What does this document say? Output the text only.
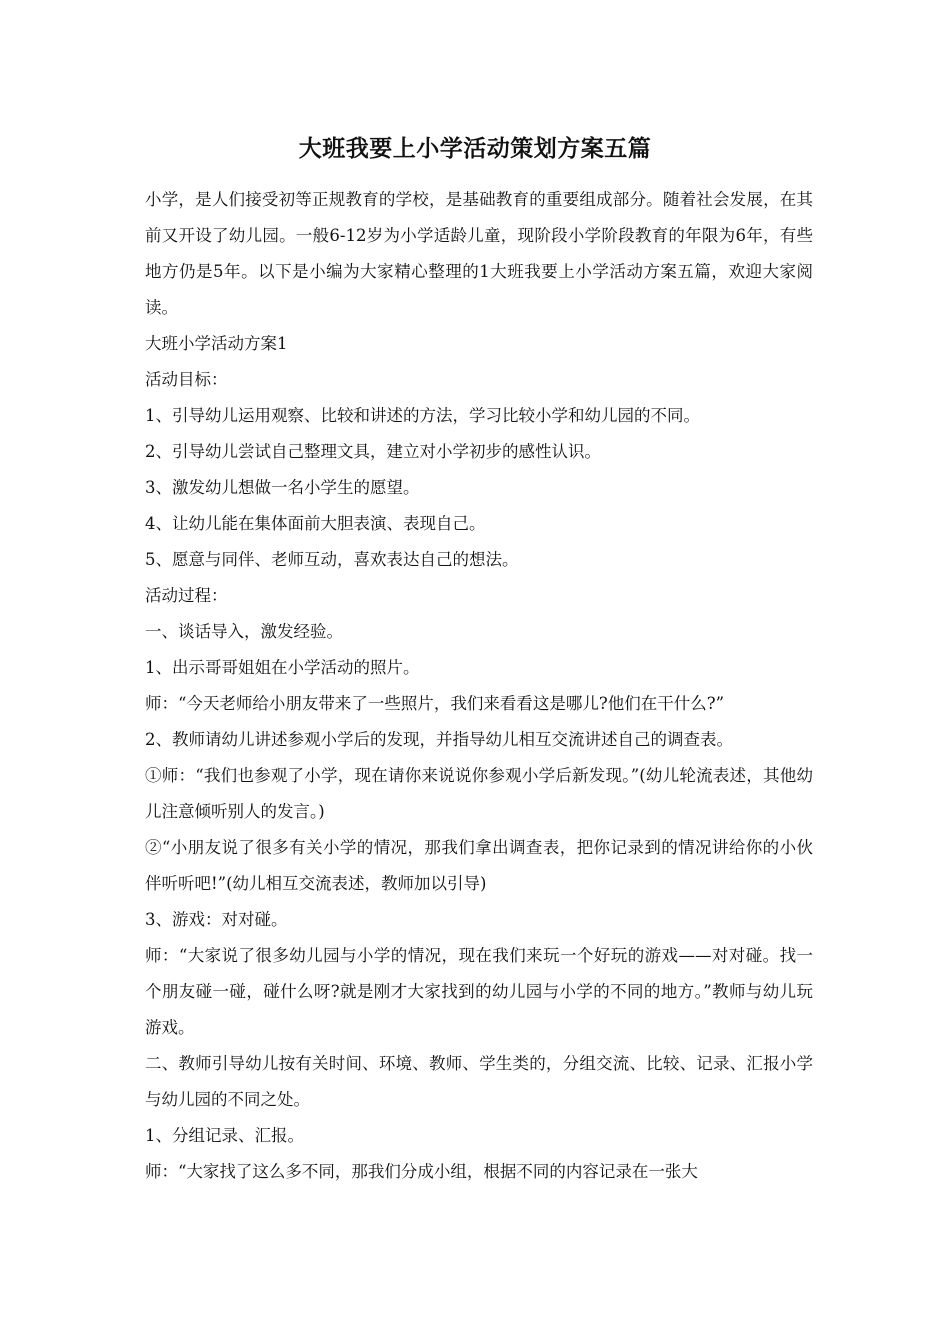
大班我要上小学活动策划方案五篇

小学，是人们接受初等正规教育的学校，是基础教育的重要组成部分。随着社会发展，在其前又开设了幼儿园。一般6-12岁为小学适龄儿童，现阶段小学阶段教育的年限为6年，有些地方仍是5年。以下是小编为大家精心整理的1大班我要上小学活动方案五篇，欢迎大家阅读。

大班小学活动方案1

活动目标：

1、引导幼儿运用观察、比较和讲述的方法，学习比较小学和幼儿园的不同。

2、引导幼儿尝试自己整理文具，建立对小学初步的感性认识。

3、激发幼儿想做一名小学生的愿望。

4、让幼儿能在集体面前大胆表演、表现自己。

5、愿意与同伴、老师互动，喜欢表达自己的想法。

活动过程：

一、谈话导入，激发经验。

1、出示哥哥姐姐在小学活动的照片。

师：“今天老师给小朋友带来了一些照片，我们来看看这是哪儿?他们在干什么?”

2、教师请幼儿讲述参观小学后的发现，并指导幼儿相互交流讲述自己的调查表。

①师：“我们也参观了小学，现在请你来说说你参观小学后新发现。”(幼儿轮流表述，其他幼儿注意倾听别人的发言。)

②“小朋友说了很多有关小学的情况，那我们拿出调查表，把你记录到的情况讲给你的小伙伴听听吧!”(幼儿相互交流表述，教师加以引导)

3、游戏：对对碰。

师：“大家说了很多幼儿园与小学的情况，现在我们来玩一个好玩的游戏——对对碰。找一个朋友碰一碰，碰什么呀?就是刚才大家找到的幼儿园与小学的不同的地方。”教师与幼儿玩游戏。

二、教师引导幼儿按有关时间、环境、教师、学生类的，分组交流、比较、记录、汇报小学与幼儿园的不同之处。

1、分组记录、汇报。

师：“大家找了这么多不同，那我们分成小组，根据不同的内容记录在一张大
